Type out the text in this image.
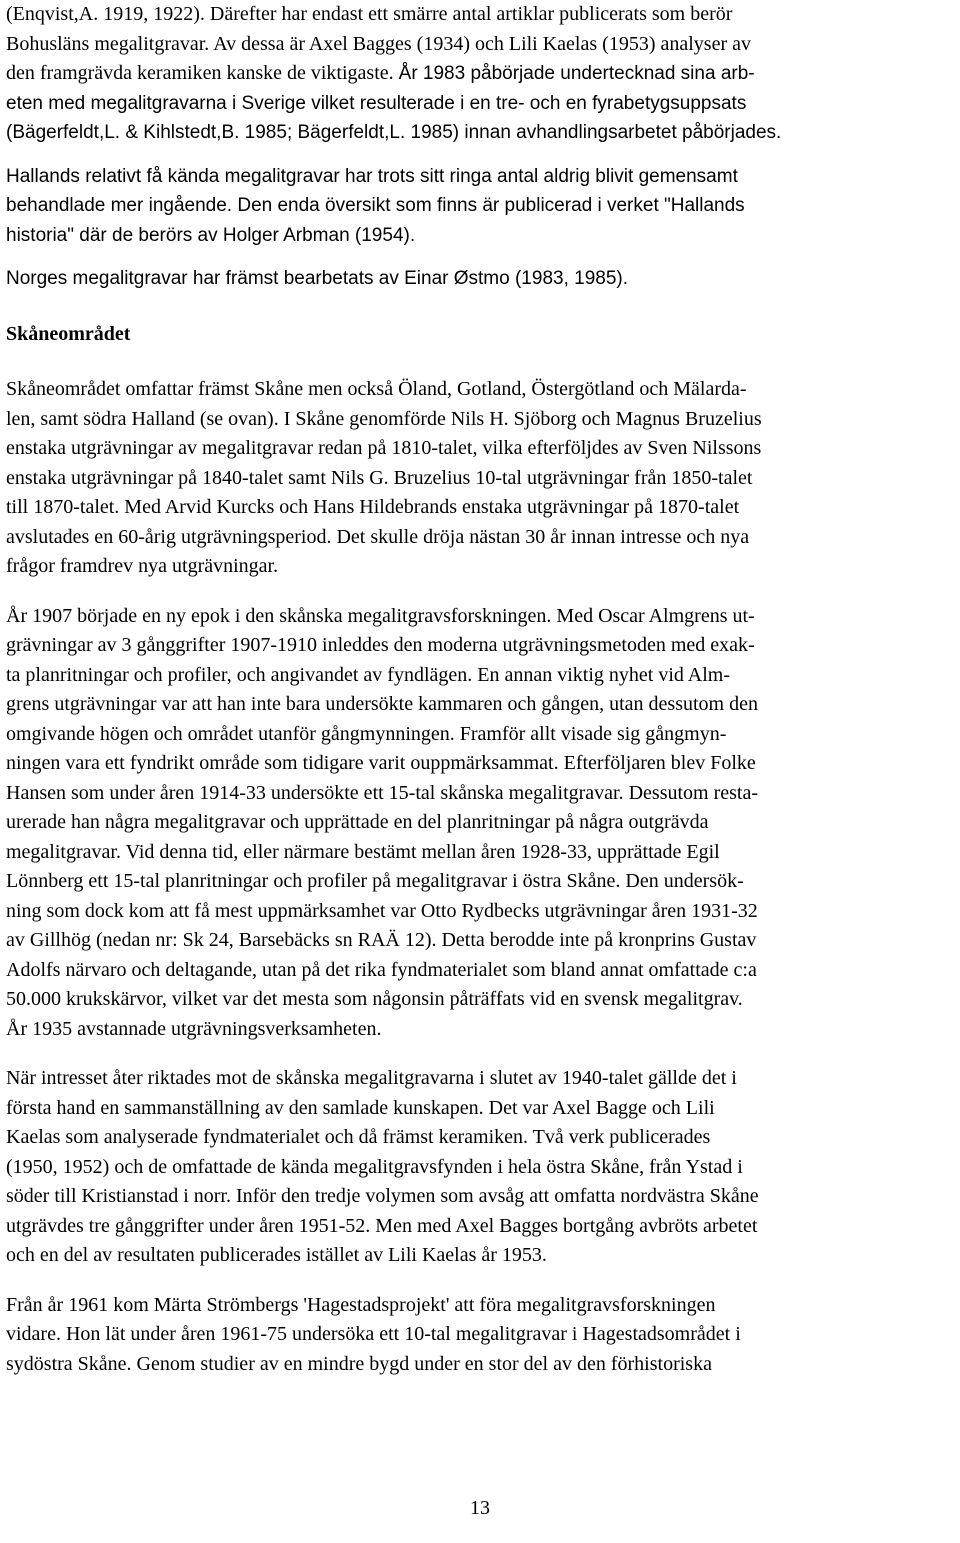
(Enqvist,A. 1919, 1922). Därefter har endast ett smärre antal artiklar publicerats som berör
Bohusläns megalitgravar. Av dessa är Axel Bagges (1934) och Lili Kaelas (1953) analyser av
den framgrävda keramiken kanske de viktigaste. År 1983 påbörjade undertecknad sina arb-
eten med megalitgravarna i Sverige vilket resulterade i en tre- och en fyrabetygsuppsats
(Bägerfeldt,L. & Kihlstedt,B. 1985; Bägerfeldt,L. 1985) innan avhandlingsarbetet påbörjades.
Hallands relativt få kända megalitgravar har trots sitt ringa antal aldrig blivit gemensamt
behandlade mer ingående. Den enda översikt som finns är publicerad i verket "Hallands
historia" där de berörs av Holger Arbman (1954).
Norges megalitgravar har främst bearbetats av Einar Østmo (1983, 1985).
Skåneområdet
Skåneområdet omfattar främst Skåne men också Öland, Gotland, Östergötland och Mälarda-
len, samt södra Halland (se ovan). I Skåne genomförde Nils H. Sjöborg och Magnus Bruzelius
enstaka utgrävningar av megalitgravar redan på 1810-talet, vilka efterföljdes av Sven Nilssons
enstaka utgrävningar på 1840-talet samt Nils G. Bruzelius 10-tal utgrävningar från 1850-talet
till 1870-talet. Med Arvid Kurcks och Hans Hildebrands enstaka utgrävningar på 1870-talet
avslutades en 60-årig utgrävningsperiod. Det skulle dröja nästan 30 år innan intresse och nya
frågor framdrev nya utgrävningar.
År 1907 började en ny epok i den skånska megalitgravsforskningen. Med Oscar Almgrens ut-
grävningar av 3 gånggrifter 1907-1910 inleddes den moderna utgrävningsmetoden med exak-
ta planritningar och profiler, och angivandet av fyndlägen. En annan viktig nyhet vid Alm-
grens utgrävningar var att han inte bara undersökte kammaren och gången, utan dessutom den
omgivande högen och området utanför gångmynningen. Framför allt visade sig gångmyn-
ningen vara ett fyndrikt område som tidigare varit ouppmärksammat. Efterföljaren blev Folke
Hansen som under åren 1914-33 undersökte ett 15-tal skånska megalitgravar. Dessutom resta-
urerade han några megalitgravar och upprättade en del planritningar på några outgrävda
megalitgravar. Vid denna tid, eller närmare bestämt mellan åren 1928-33, upprättade Egil
Lönnberg ett 15-tal planritningar och profiler på megalitgravar i östra Skåne. Den undersök-
ning som dock kom att få mest uppmärksamhet var Otto Rydbecks utgrävningar åren 1931-32
av Gillhög (nedan nr: Sk 24, Barsebäcks sn RAÄ 12). Detta berodde inte på kronprins Gustav
Adolfs närvaro och deltagande, utan på det rika fyndmaterialet som bland annat omfattade c:a
50.000 krukskärvor, vilket var det mesta som någonsin påträffats vid en svensk megalitgrav.
År 1935 avstannade utgrävningsverksamheten.
När intresset åter riktades mot de skånska megalitgravarna i slutet av 1940-talet gällde det i
första hand en sammanställning av den samlade kunskapen. Det var Axel Bagge och Lili
Kaelas som analyserade fyndmaterialet och då främst keramiken. Två verk publicerades
(1950, 1952) och de omfattade de kända megalitgravsfynden i hela östra Skåne, från Ystad i
söder till Kristianstad i norr. Inför den tredje volymen som avsåg att omfatta nordvästra Skåne
utgrävdes tre gånggrifter under åren 1951-52. Men med Axel Bagges bortgång avbröts arbetet
och en del av resultaten publicerades istället av Lili Kaelas år 1953.
Från år 1961 kom Märta Strömbergs 'Hagestadsprojekt' att föra megalitgravsforskningen
vidare. Hon lät under åren 1961-75 undersöka ett 10-tal megalitgravar i Hagestadsområdet i
sydöstra Skåne. Genom studier av en mindre bygd under en stor del av den förhistoriska
13
